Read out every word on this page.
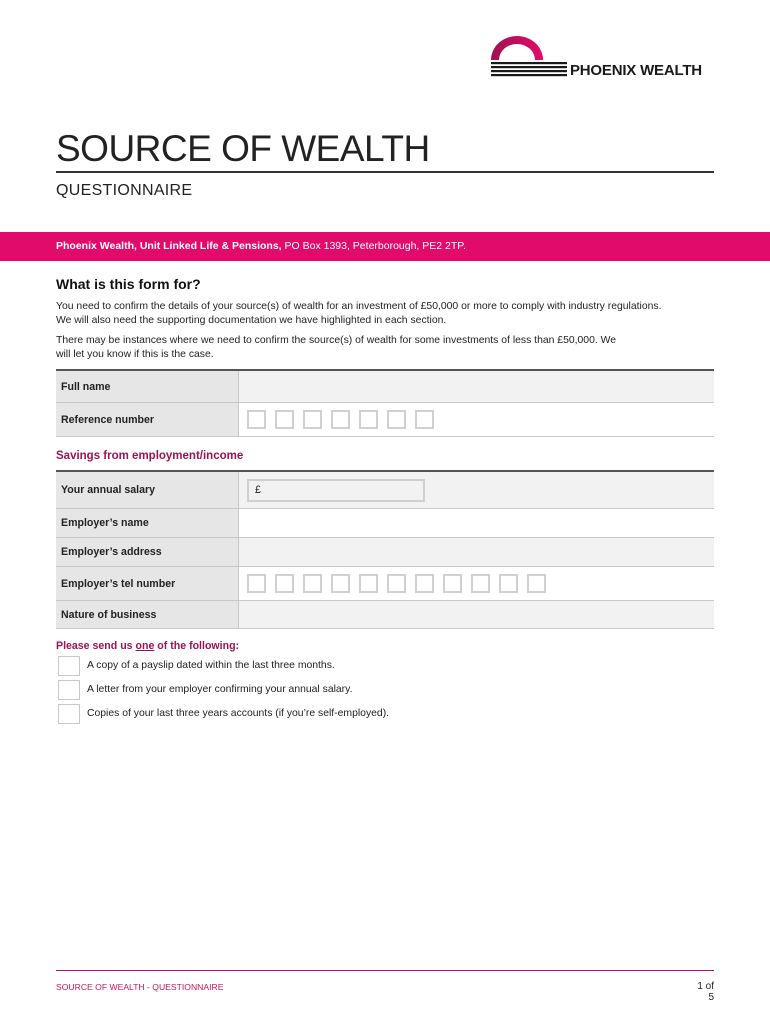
PHOENIX WEALTH
SOURCE OF WEALTH
QUESTIONNAIRE
Phoenix Wealth, Unit Linked Life & Pensions, PO Box 1393, Peterborough, PE2 2TP.
What is this form for?
You need to confirm the details of your source(s) of wealth for an investment of £50,000 or more to comply with industry regulations.
We will also need the supporting documentation we have highlighted in each section.
There may be instances where we need to confirm the source(s) of wealth for some investments of less than £50,000. We
will let you know if this is the case.
Full name
Reference number
Savings from employment/income
Your annual salary	£
Employer’s name
Employer’s address
Employer’s tel number
Nature of business
Please send us one of the following:
A copy of a payslip dated within the last three months.
A letter from your employer confirming your annual salary.
Copies of your last three years accounts (if you’re self-employed).
SOURCE OF WEALTH - QUESTIONNAIRE	1 of 5
